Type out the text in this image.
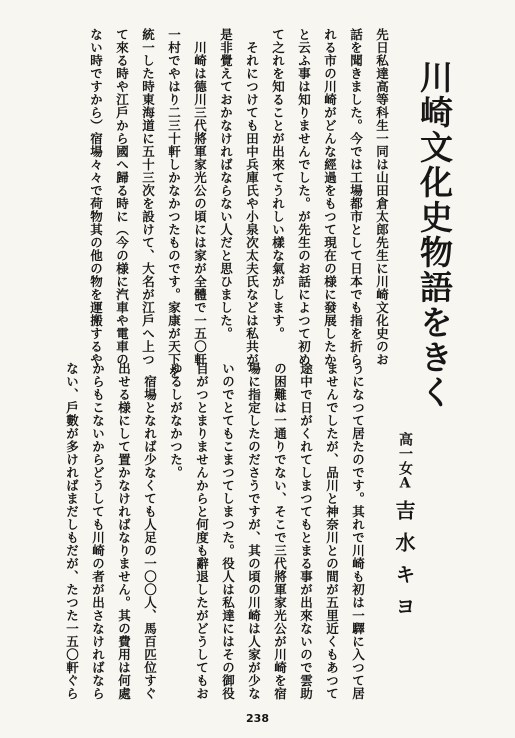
川崎文化史物語をきく
高一女A
吉水キヨ
先日私達高等科生一同は山田倉太郎先生に川崎文化史のお
話を聞きました。今では工場都市として日本でも指を折ら
れる市の川崎がどんな經過をもつて現在の様に發展したか
と云ふ事は知りませんでした。が先生のお話によつて初め
て之れを知ることが出來てうれしい樣な氣がします。
それにつけても田中兵庫氏や小泉次太夫氏などは私共が
是非覺えておかなければならない人だと思ひました。
川崎は德川三代將軍家光公の頃には家が全體で一五〇軒
一村でやはり二三十軒しかなかつたものです。家康が天下を
統一した時東海道に五十三次を設けて、大名が江戶へ上つ
て來る時や江戶から國へ歸る時に（今の様に汽車や電車の
ない時ですから）宿場々々で荷物其の他の物を運搬するや
うになつて居たのです。其れで川崎も初は一驛に入つて居
ませんでしたが、品川と神奈川との間が五里近くもあつて
途中で日がくれてしまつてもとまる事が出來ないので雲助
の困難は一通りでない、そこで三代將軍家光公が川崎を宿
場に指定したのださうですが、其の頃の川崎は人家が少な
いのでとてもこまつてしまつた。役人は私達にはその御役
目がつとまりませんからと何度も辭退したがどうしてもお
ゆるしがなかつた。
宿場となれば少なくても人足の一〇〇人、馬百匹位すぐ
出せる様にして置かなければなりません。其の費用は何處
からもこないからどうしても川崎の者が出さなければなら
ない、戶數が多ければまだしもだが、たつた一五〇軒ぐら
238
